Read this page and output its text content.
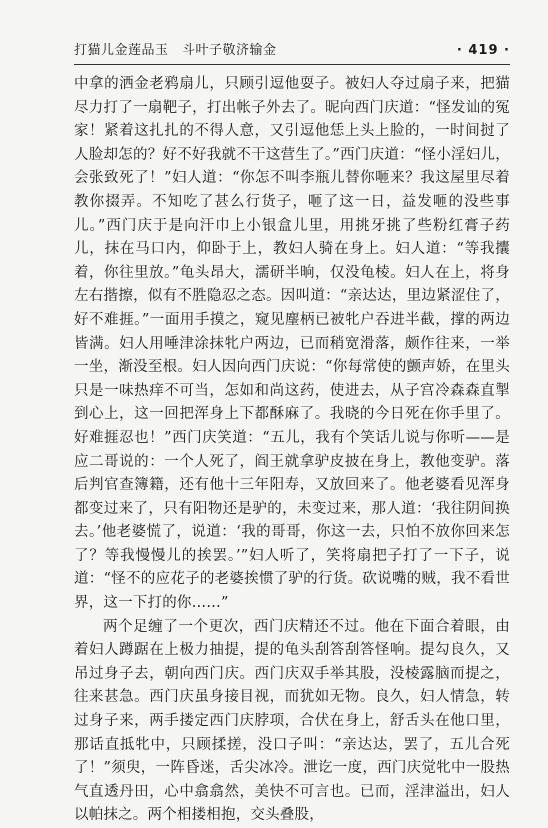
打猫儿金莲品玉　斗叶子敬济输金	· 419 ·

中拿的洒金老鸦扇儿，只顾引逗他耍子。被妇人夺过扇子来，把猫尽力打了一扇靶子，打出帐子外去了。昵向西门庆道：“怪发讪的冤家！紧着这扎扎的不得人意，又引逗他恁上头上脸的，一时间挝了人脸却怎的？好不好我就不干这营生了。”西门庆道：“怪小淫妇儿，会张致死了！”妇人道：“你怎不叫李瓶儿替你咂来？我这屋里尽着教你掇弄。不知吃了甚么行货子，咂了这一日，益发咂的没些事儿。”西门庆于是向汗巾上小银盒儿里，用挑牙挑了些粉红膏子药儿，抹在马口内，仰卧于上，教妇人骑在身上。妇人道：“等我攮着，你往里放。”龟头昂大，濡研半晌，仅没龟棱。妇人在上，将身左右揩擦，似有不胜隐忍之态。因叫道：“亲达达，里边紧涩住了，好不难捱。”一面用手摸之，窥见麈柄已被牝户吞进半截，撑的两边皆满。妇人用唾津涂抹牝户两边，已而稍宽滑落，颇作往来，一举一坐，渐没至根。妇人因向西门庆说：“你每常使的颤声娇，在里头只是一味热痒不可当，怎如和尚这药，使进去，从子宫冷森森直掣到心上，这一回把浑身上下都酥麻了。我晓的今日死在你手里了。好难捱忍也！”西门庆笑道：“五儿，我有个笑话儿说与你听——是应二哥说的：一个人死了，阎王就拿驴皮披在身上，教他变驴。落后判官查簿籍，还有他十三年阳寿，又放回来了。他老婆看见浑身都变过来了，只有阳物还是驴的，未变过来，那人道：‘我往阴间换去。’他老婆慌了，说道：‘我的哥哥，你这一去，只怕不放你回来怎了？等我慢慢儿的挨罢。’”妇人听了，笑将扇把子打了一下子，说道：“怪不的应花子的老婆挨惯了驴的行货。砍说嘴的贼，我不看世界，这一下打的你……”

两个足缠了一个更次，西门庆精还不过。他在下面合着眼，由着妇人蹲踞在上极力抽提，提的龟头刮答刮答怪响。提勾良久，又吊过身子去，朝向西门庆。西门庆双手举其股，没棱露脑而提之，往来甚急。西门庆虽身接目视，而犹如无物。良久，妇人情急，转过身子来，两手搂定西门庆脖项，合伏在身上，舒舌头在他口里，那话直抵牝中，只顾揉搓，没口子叫：“亲达达，罢了，五儿合死了！”须臾，一阵昏迷，舌尖冰冷。泄讫一度，西门庆觉牝中一股热气直透丹田，心中翕翕然，美快不可言也。已而，淫津溢出，妇人以帕抹之。两个相搂相抱，交头叠股，
